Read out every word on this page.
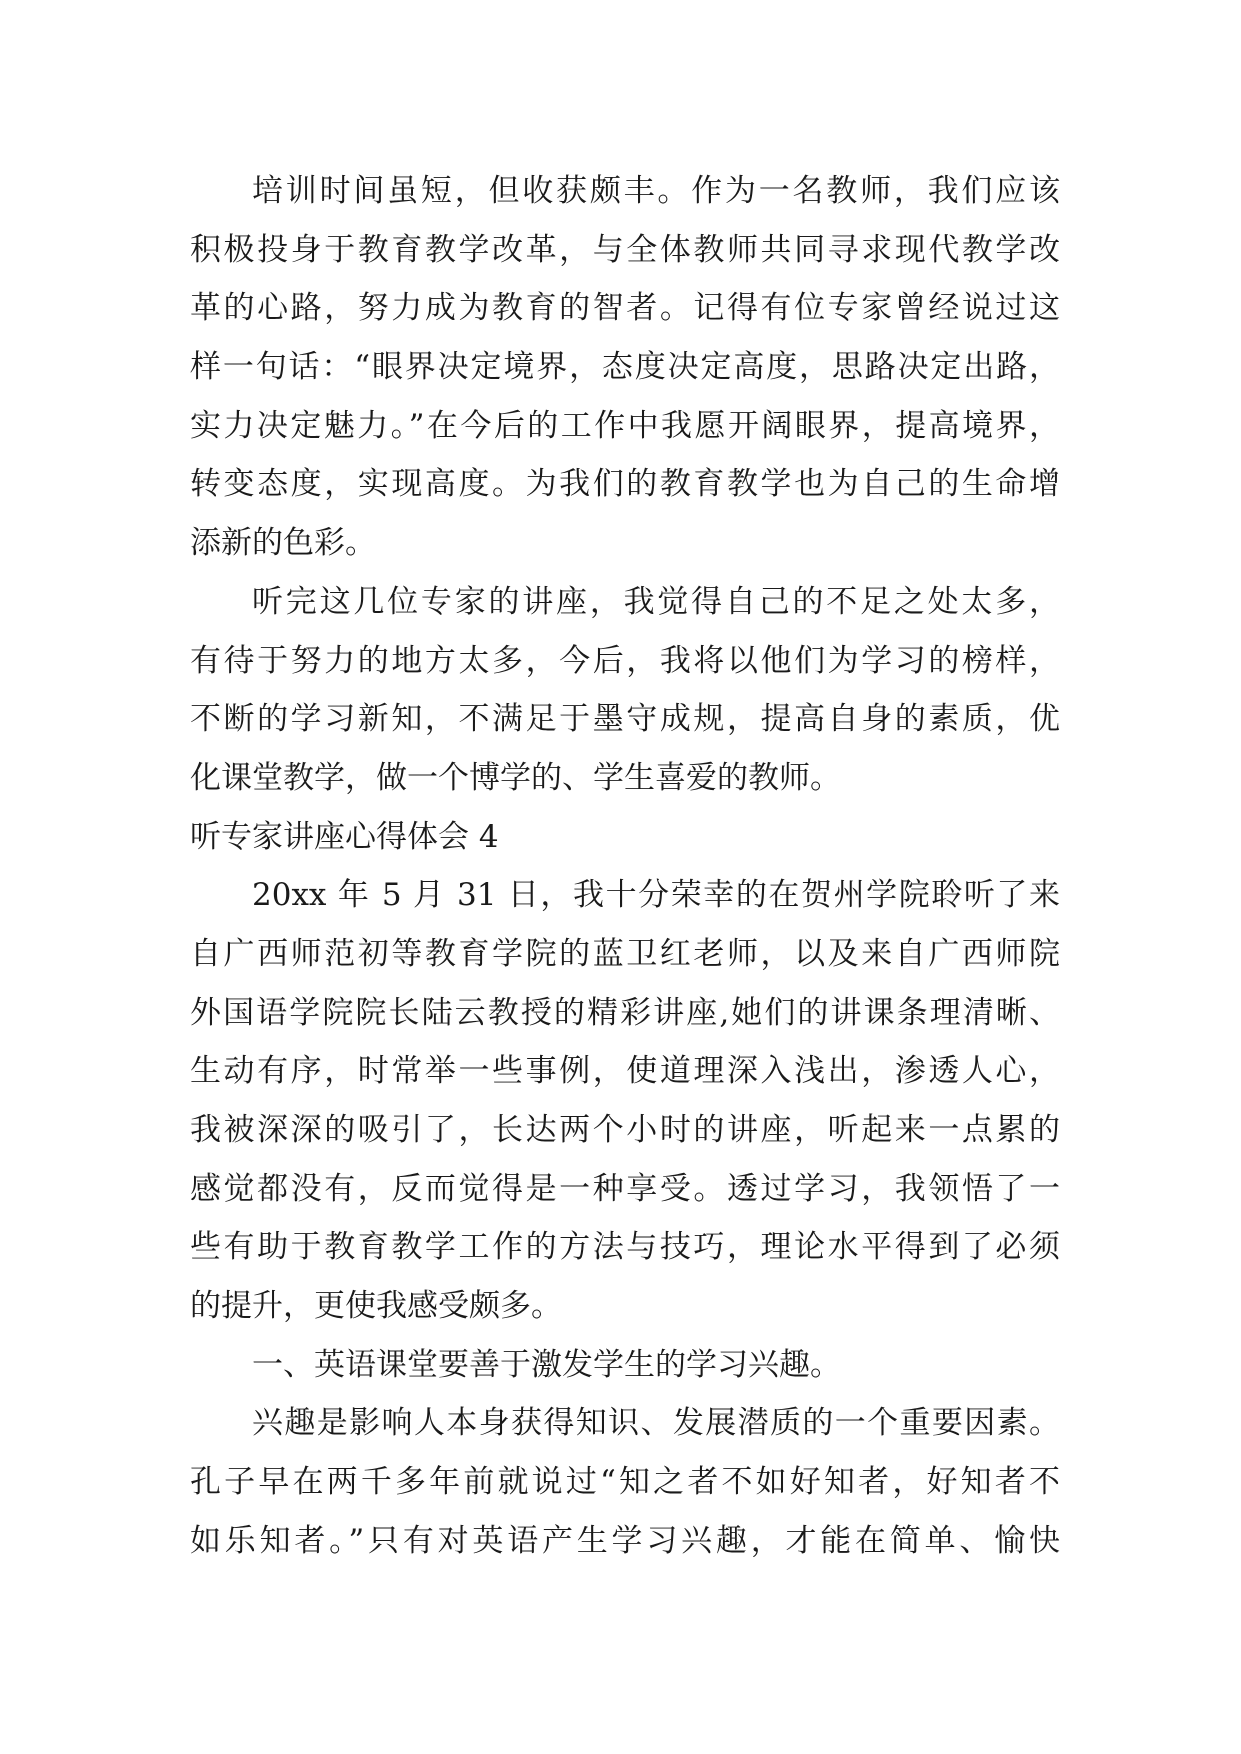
培训时间虽短，但收获颇丰。作为一名教师，我们应该
积极投身于教育教学改革，与全体教师共同寻求现代教学改
革的心路，努力成为教育的智者。记得有位专家曾经说过这
样一句话：“眼界决定境界，态度决定高度，思路决定出路，
实力决定魅力。”在今后的工作中我愿开阔眼界，提高境界，
转变态度，实现高度。为我们的教育教学也为自己的生命增
添新的色彩。
听完这几位专家的讲座，我觉得自己的不足之处太多，
有待于努力的地方太多，今后，我将以他们为学习的榜样，
不断的学习新知，不满足于墨守成规，提高自身的素质，优
化课堂教学，做一个博学的、学生喜爱的教师。
听专家讲座心得体会 4
20xx 年 5 月 31 日，我十分荣幸的在贺州学院聆听了来
自广西师范初等教育学院的蓝卫红老师，以及来自广西师院
外国语学院院长陆云教授的精彩讲座,她们的讲课条理清晰、
生动有序，时常举一些事例，使道理深入浅出，渗透人心，
我被深深的吸引了，长达两个小时的讲座，听起来一点累的
感觉都没有，反而觉得是一种享受。透过学习，我领悟了一
些有助于教育教学工作的方法与技巧，理论水平得到了必须
的提升，更使我感受颇多。
一、英语课堂要善于激发学生的学习兴趣。
兴趣是影响人本身获得知识、发展潜质的一个重要因素。
孔子早在两千多年前就说过“知之者不如好知者，好知者不
如乐知者。”只有对英语产生学习兴趣，才能在简单、愉快
